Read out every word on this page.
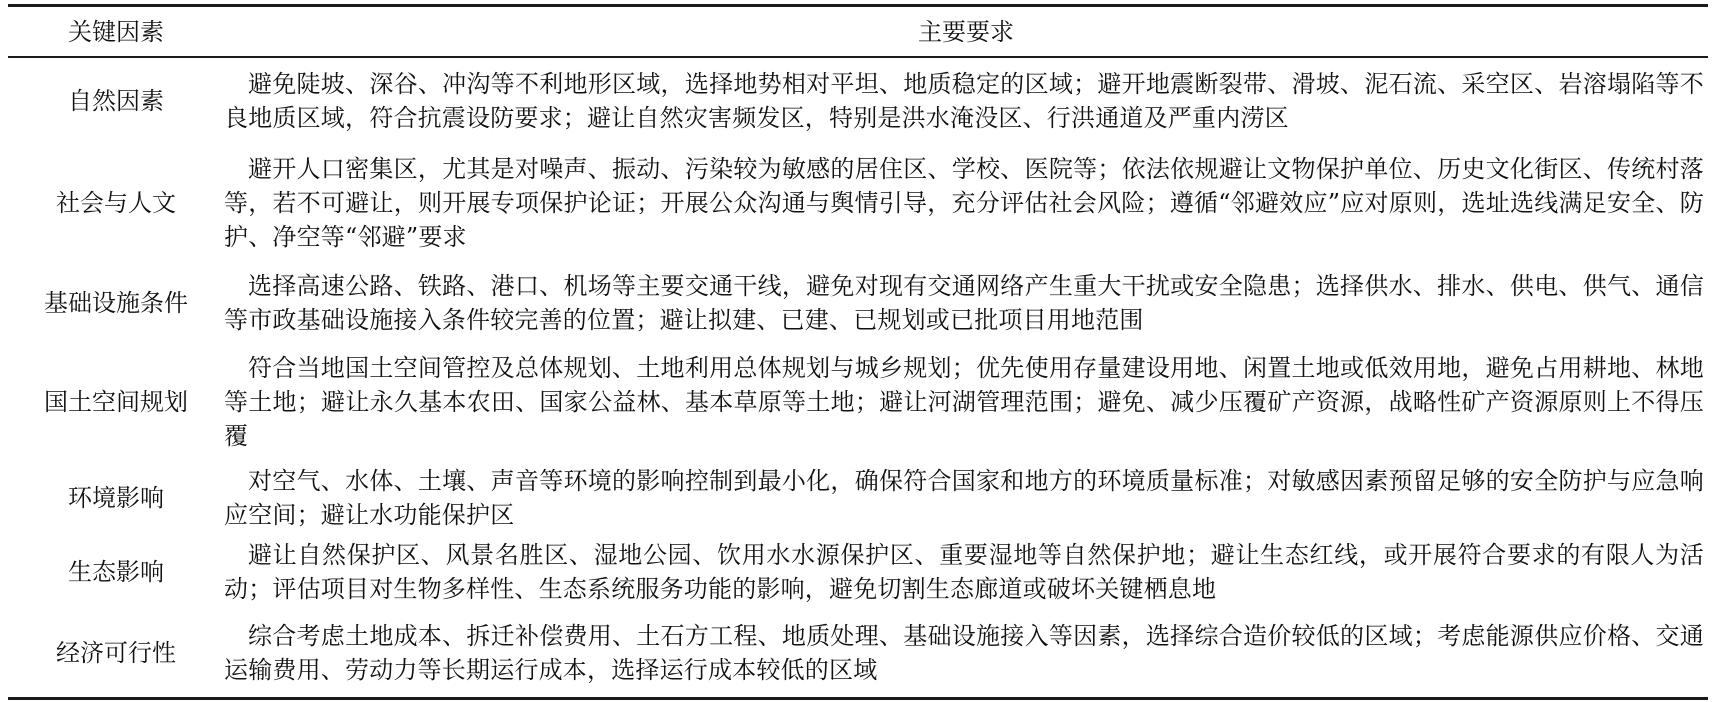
关键因素	主要要求
自然因素
避免陡坡、深谷、冲沟等不利地形区域，选择地势相对平坦、地质稳定的区域；避开地震断裂带、滑坡、泥石流、采空区、岩溶塌陷等不良地质区域，符合抗震设防要求；避让自然灾害频发区，特别是洪水淹没区、行洪通道及严重内涝区
社会与人文
避开人口密集区，尤其是对噪声、振动、污染较为敏感的居住区、学校、医院等；依法依规避让文物保护单位、历史文化街区、传统村落等，若不可避让，则开展专项保护论证；开展公众沟通与舆情引导，充分评估社会风险；遵循“邻避效应”应对原则，选址选线满足安全、防护、净空等“邻避”要求
基础设施条件
选择高速公路、铁路、港口、机场等主要交通干线，避免对现有交通网络产生重大干扰或安全隐患；选择供水、排水、供电、供气、通信等市政基础设施接入条件较完善的位置；避让拟建、已建、已规划或已批项目用地范围
国土空间规划
符合当地国土空间管控及总体规划、土地利用总体规划与城乡规划；优先使用存量建设用地、闲置土地或低效用地，避免占用耕地、林地等土地；避让永久基本农田、国家公益林、基本草原等土地；避让河湖管理范围；避免、减少压覆矿产资源，战略性矿产资源原则上不得压覆
环境影响
对空气、水体、土壤、声音等环境的影响控制到最小化，确保符合国家和地方的环境质量标准；对敏感因素预留足够的安全防护与应急响应空间；避让水功能保护区
生态影响
避让自然保护区、风景名胜区、湿地公园、饮用水水源保护区、重要湿地等自然保护地；避让生态红线，或开展符合要求的有限人为活动；评估项目对生物多样性、生态系统服务功能的影响，避免切割生态廊道或破坏关键栖息地
经济可行性
综合考虑土地成本、拆迁补偿费用、土石方工程、地质处理、基础设施接入等因素，选择综合造价较低的区域；考虑能源供应价格、交通运输费用、劳动力等长期运行成本，选择运行成本较低的区域
